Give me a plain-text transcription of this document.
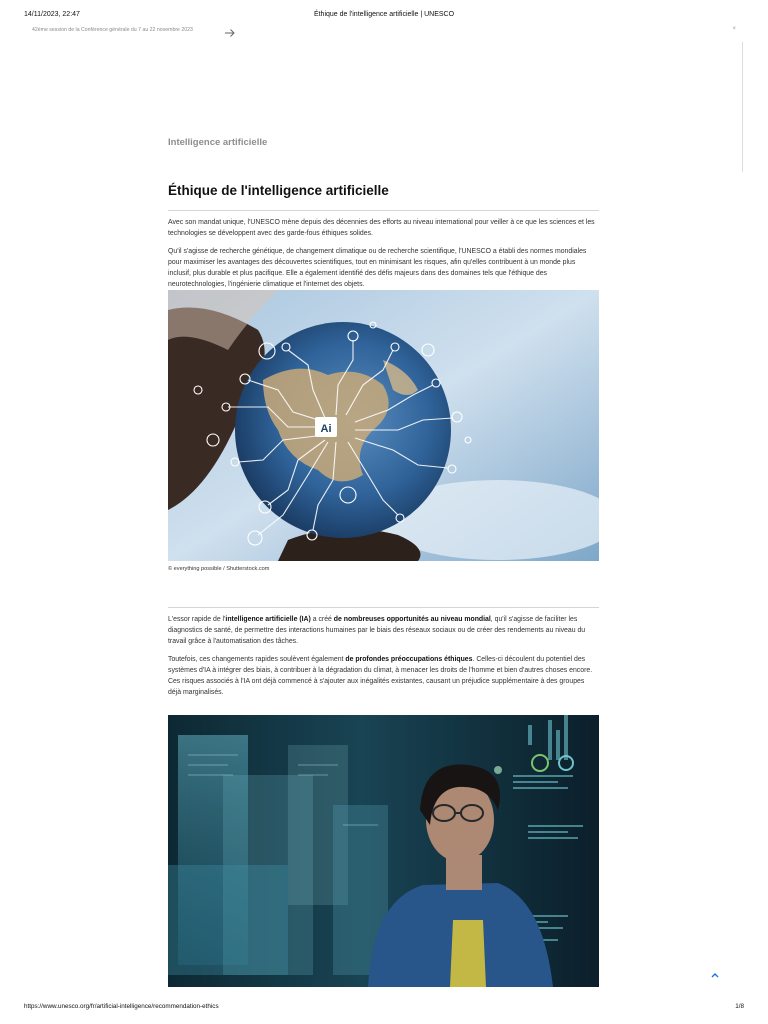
14/11/2023, 22:47	Éthique de l'intelligence artificielle | UNESCO
42ème session de la Conférence générale du 7 au 22 novembre 2023	×
Intelligence artificielle
Éthique de l'intelligence artificielle

Avec son mandat unique, l'UNESCO mène depuis des décennies des efforts au niveau international pour veiller à ce que les sciences et les technologies se développent avec des garde-fous éthiques solides.

Qu'il s'agisse de recherche génétique, de changement climatique ou de recherche scientifique, l'UNESCO a établi des normes mondiales pour maximiser les avantages des découvertes scientifiques, tout en minimisant les risques, afin qu'elles contribuent à un monde plus inclusif, plus durable et plus pacifique. Elle a également identifié des défis majeurs dans des domaines tels que l'éthique des neurotechnologies, l'ingénierie climatique et l'internet des objets.

Ai
© everything possible / Shutterstock.com

L'essor rapide de l'intelligence artificielle (IA) a créé de nombreuses opportunités au niveau mondial, qu'il s'agisse de faciliter les diagnostics de santé, de permettre des interactions humaines par le biais des réseaux sociaux ou de créer des rendements au niveau du travail grâce à l'automatisation des tâches.

Toutefois, ces changements rapides soulèvent également de profondes préoccupations éthiques. Celles-ci découlent du potentiel des systèmes d'IA à intégrer des biais, à contribuer à la dégradation du climat, à menacer les droits de l'homme et bien d'autres choses encore. Ces risques associés à l'IA ont déjà commencé à s'ajouter aux inégalités existantes, causant un préjudice supplémentaire à des groupes déjà marginalisés.

https://www.unesco.org/fr/artificial-intelligence/recommendation-ethics	1/8
